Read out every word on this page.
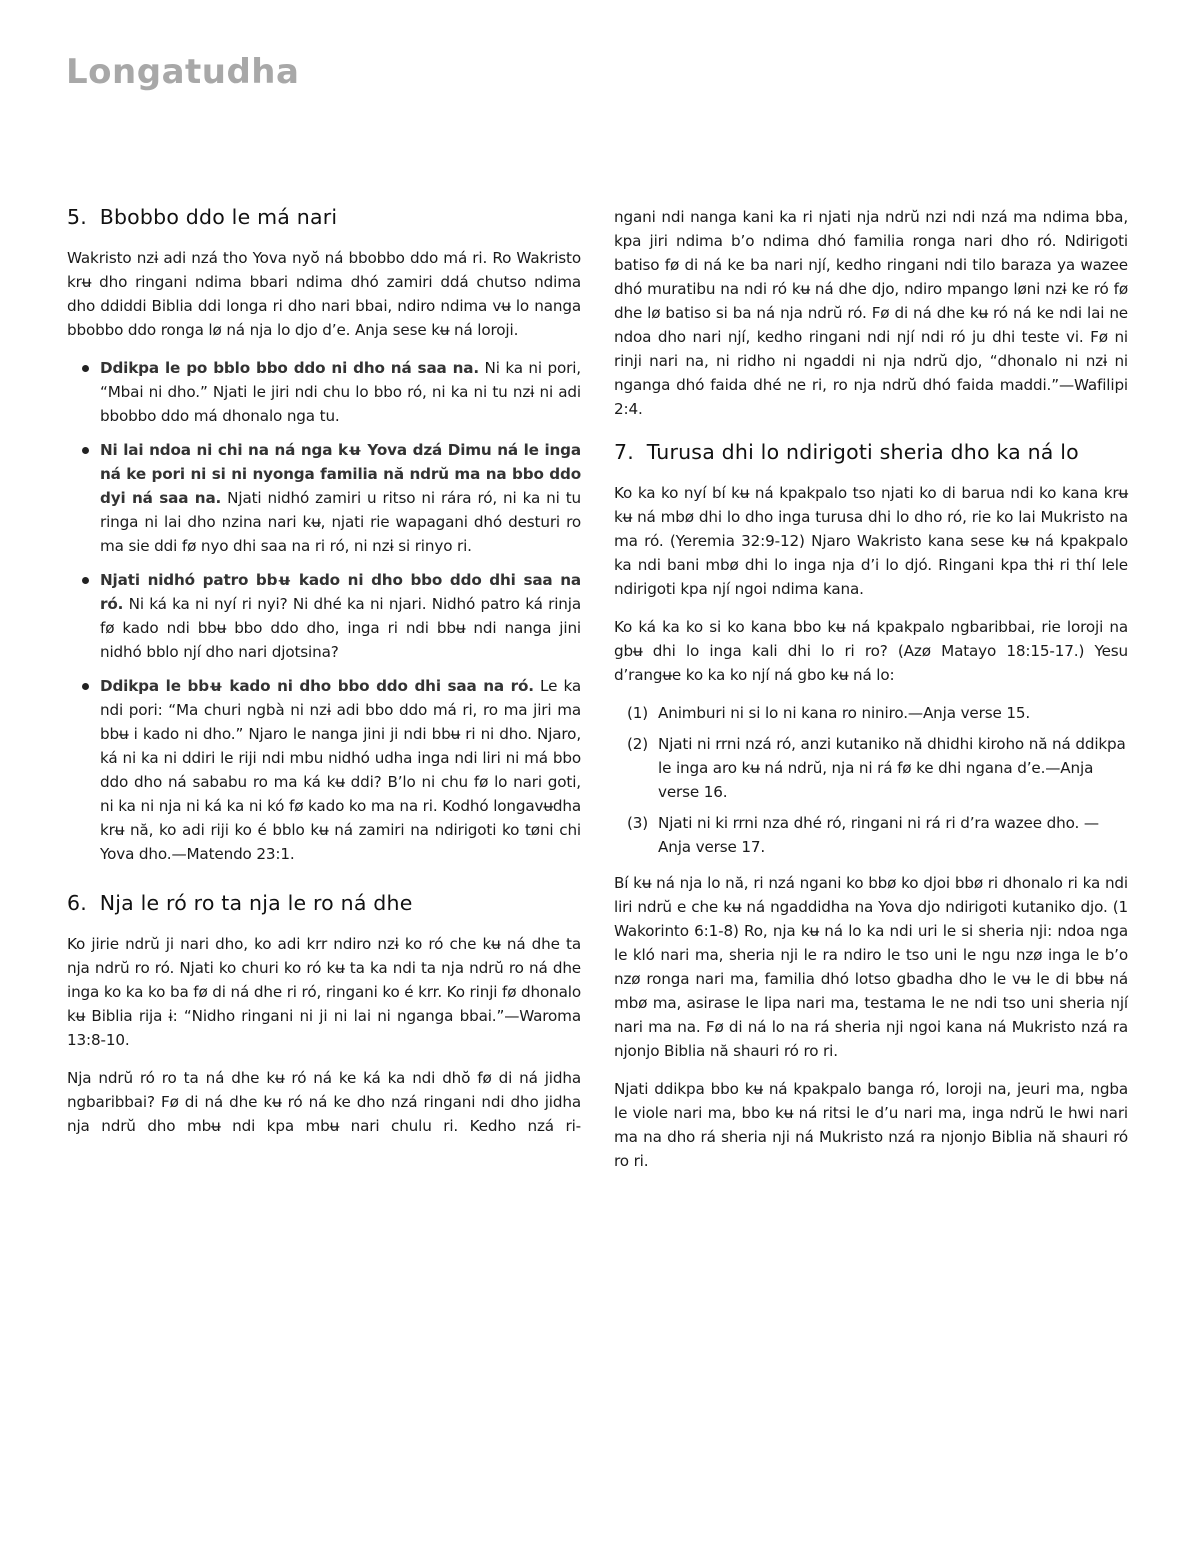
Longatudha
5. Bbobbo ddo le má nari

Wakristo nzɨ adi nzá tho Yova nyŏ ná bbobbo ddo má ri. Ro Wakristo krʉ dho ringani ndima bbari ndima dhó zamiri ddá chutso ndima dho ddiddi Biblia ddi longa ri dho nari bbai, ndiro ndima vʉ lo nanga bbobbo ddo ronga lø ná nja lo djo d’e. Anja sese kʉ ná loroji.

Ddikpa le po bblo bbo ddo ni dho ná saa na. Ni ka ni pori, “Mbai ni dho.” Njati le jiri ndi chu lo bbo ró, ni ka ni tu nzɨ ni adi bbobbo ddo má dhonalo nga tu.
Ni lai ndoa ni chi na ná nga kʉ Yova dzá Dimu ná le inga ná ke pori ni si ni nyonga familia nă ndrŭ ma na bbo ddo dyi ná saa na. Njati nidhó zamiri u ritso ni rára ró, ni ka ni tu ringa ni lai dho nzina nari kʉ, njati rie wapagani dhó desturi ro ma sie ddi fø nyo dhi saa na ri ró, ni nzɨ si rinyo ri.
Njati nidhó patro bbʉ kado ni dho bbo ddo dhi saa na ró. Ni ká ka ni nyí ri nyi? Ni dhé ka ni njari. Nidhó patro ká rinja fø kado ndi bbʉ bbo ddo dho, inga ri ndi bbʉ ndi nanga jini nidhó bblo njí dho nari djotsina?
Ddikpa le bbʉ kado ni dho bbo ddo dhi saa na ró. Le ka ndi pori: “Ma churi ngbà ni nzɨ adi bbo ddo má ri, ro ma jiri ma bbʉ i kado ni dho.” Njaro le nanga jini ji ndi bbʉ ri ni dho. Njaro, ká ni ka ni ddiri le riji ndi mbu nidhó udha inga ndi liri ni má bbo ddo dho ná sababu ro ma ká kʉ ddi? B’lo ni chu fø lo nari goti, ni ka ni nja ni ká ka ni kó fø kado ko ma na ri. Kodhó longavʉdha krʉ nă, ko adi riji ko é bblo kʉ ná zamiri na ndirigoti ko tøni chi Yova dho.—Matendo 23:1.
6. Nja le ró ro ta nja le ro ná dhe

Ko jirie ndrŭ ji nari dho, ko adi krr ndiro nzɨ ko ró che kʉ ná dhe ta nja ndrŭ ro ró. Njati ko churi ko ró kʉ ta ka ndi ta nja ndrŭ ro ná dhe inga ko ka ko ba fø di ná dhe ri ró, ringani ko é krr. Ko rinji fø dhonalo kʉ Biblia rija ɨ: “Nidho ringani ni ji ni lai ni nganga bbai.”—Waroma 13:8-10.

Nja ndrŭ ró ro ta ná dhe kʉ ró ná ke ká ka ndi dhŏ fø di ná jidha ngbaribbai? Fø di ná dhe kʉ ró ná ke dho nzá ringani ndi dho jidha nja ndrŭ dho mbʉ ndi kpa mbʉ nari chulu ri. Kedho nzá ri-

ngani ndi nanga kani ka ri njati nja ndrŭ nzi ndi nzá ma ndima bba, kpa jiri ndima b’o ndima dhó familia ronga nari dho ró. Ndirigoti batiso fø di ná ke ba nari njí, kedho ringani ndi tilo baraza ya wazee dhó muratibu na ndi ró kʉ ná dhe djo, ndiro mpango løni nzɨ ke ró fø dhe lø batiso si ba ná nja ndrŭ ró. Fø di ná dhe kʉ ró ná ke ndi lai ne ndoa dho nari njí, kedho ringani ndi njí ndi ró ju dhi teste vi. Fø ni rinji nari na, ni ridho ni ngaddi ni nja ndrŭ djo, “dhonalo ni nzɨ ni nganga dhó faida dhé ne ri, ro nja ndrŭ dhó faida maddi.”—Wafilipi 2:4.

7. Turusa dhi lo ndirigoti sheria dho ka ná lo

Ko ka ko nyí bí kʉ ná kpakpalo tso njati ko di barua ndi ko kana krʉ kʉ ná mbø dhi lo dho inga turusa dhi lo dho ró, rie ko lai Mukristo na ma ró. (Yeremia 32:9-12) Njaro Wakristo kana sese kʉ ná kpakpalo ka ndi bani mbø dhi lo inga nja d’i lo djó. Ringani kpa thɨ ri thí lele ndirigoti kpa njí ngoi ndima kana.

Ko ká ka ko si ko kana bbo kʉ ná kpakpalo ngbaribbai, rie loroji na gbʉ dhi lo inga kali dhi lo ri ro? (Azø Matayo 18:15-17.) Yesu d’rangʉe ko ka ko njí ná gbo kʉ ná lo:

(1) Animburi ni si lo ni kana ro niniro.—Anja verse 15.
(2) Njati ni rrni nzá ró, anzi kutaniko nă dhidhi kiroho nă ná ddikpa le inga aro kʉ ná ndrŭ, nja ni rá fø ke dhi ngana d’e.—Anja verse 16.
(3) Njati ni ki rrni nza dhé ró, ringani ni rá ri d’ra wazee dho. —Anja verse 17.

Bí kʉ ná nja lo nă, ri nzá ngani ko bbø ko djoi bbø ri dhonalo ri ka ndi liri ndrŭ e che kʉ ná ngaddidha na Yova djo ndirigoti kutaniko djo. (1 Wakorinto 6:1-8) Ro, nja kʉ ná lo ka ndi uri le si sheria nji: ndoa nga le kló nari ma, sheria nji le ra ndiro le tso uni le ngu nzø inga le b’o nzø ronga nari ma, familia dhó lotso gbadha dho le vʉ le di bbʉ ná mbø ma, asirase le lipa nari ma, testama le ne ndi tso uni sheria njí nari ma na. Fø di ná lo na rá sheria nji ngoi kana ná Mukristo nzá ra njonjo Biblia nă shauri ró ro ri.

Njati ddikpa bbo kʉ ná kpakpalo banga ró, loroji na, jeuri ma, ngba le viole nari ma, bbo kʉ ná ritsi le d’u nari ma, inga ndrŭ le hwi nari ma na dho rá sheria nji ná Mukristo nzá ra njonjo Biblia nă shauri ró ro ri.
